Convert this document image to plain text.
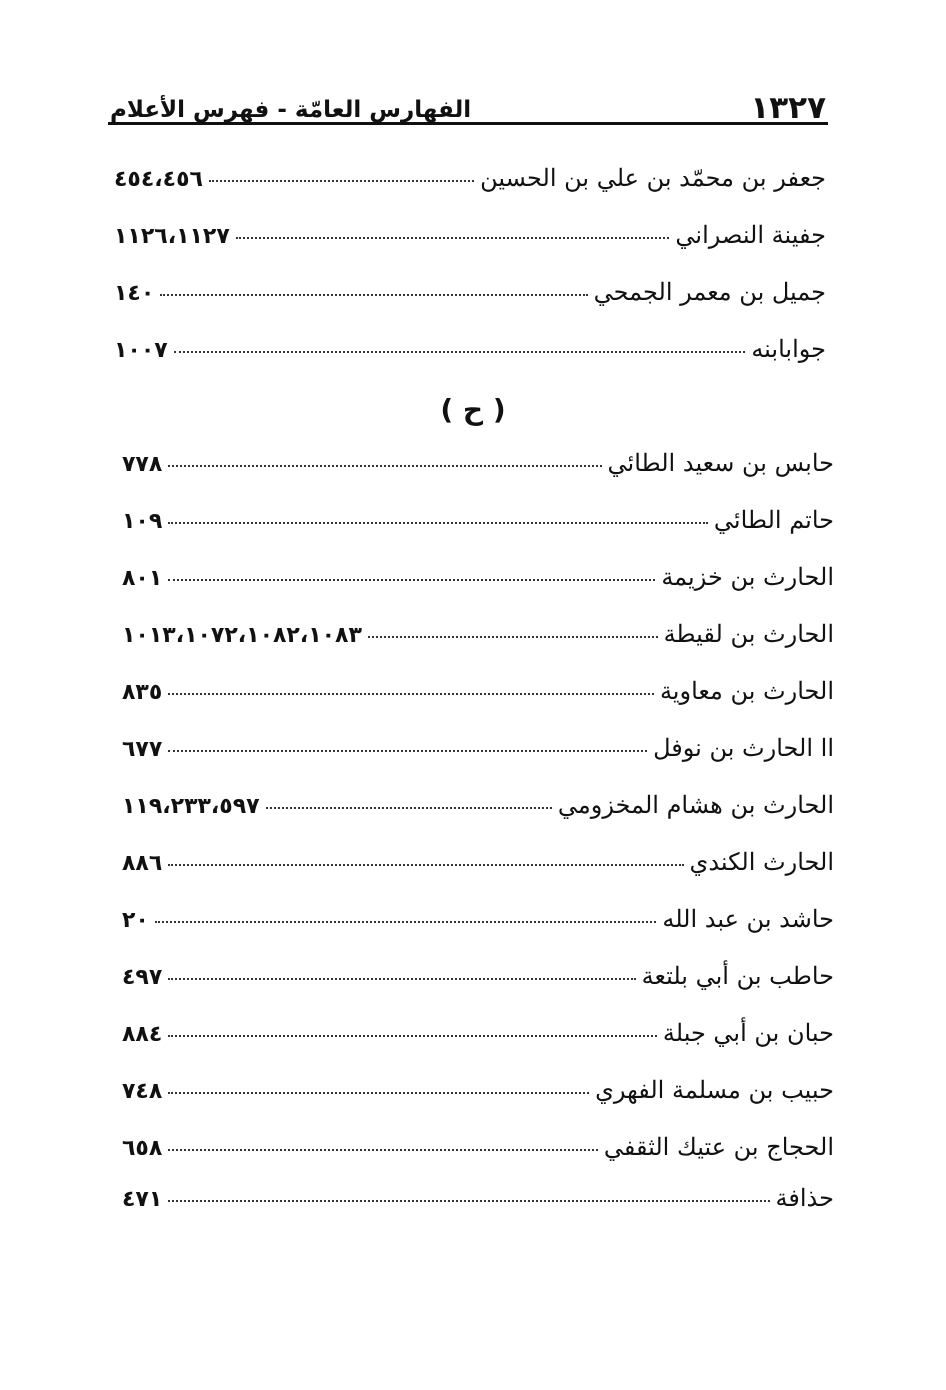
١٣٢٧
الفهارس العامّة - فهرس الأعلام
جعفر بن محمّد بن علي بن الحسين
٤٥٤،٤٥٦
جفينة النصراني
١١٢٦،١١٢٧
جميل بن معمر الجمحي
١٤٠
جوابابنه
١٠٠٧
( ح )
حابس بن سعيد الطائي
٧٧٨
حاتم الطائي
١٠٩
الحارث بن خزيمة
٨٠١
الحارث بن لقيطة
١٠١٣،١٠٧٢،١٠٨٢،١٠٨٣
الحارث بن معاوية
٨٣٥
اا الحارث بن نوفل
٦٧٧
الحارث بن هشام المخزومي
١١٩،٢٣٣،٥٩٧
الحارث الكندي
٨٨٦
حاشد بن عبد الله
٢٠
حاطب بن أبي بلتعة
٤٩٧
حبان بن أبي جبلة
٨٨٤
حبيب بن مسلمة الفهري
٧٤٨
الحجاج بن عتيك الثقفي
٦٥٨
حذافة
٤٧١
